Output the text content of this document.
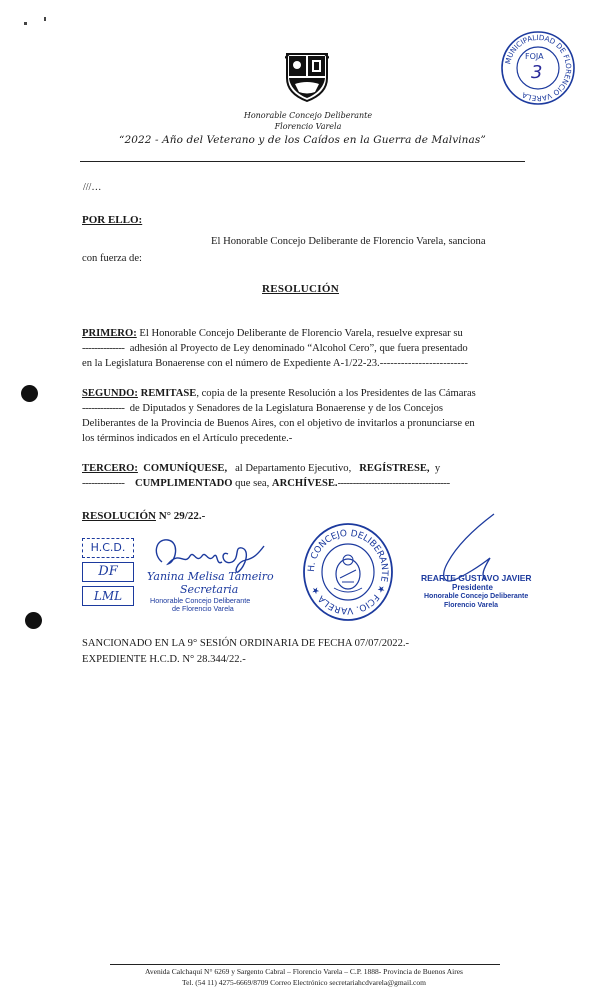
Honorable Concejo Deliberante
Florencio Varela
“2022 - Año del Veterano y de los Caídos en la Guerra de Malvinas”
MUNICIPALIDAD DE FLORENCIO VARELA
FOJA
3
///…
POR ELLO:
El Honorable Concejo Deliberante de Florencio Varela, sanciona
con fuerza de:
RESOLUCIÓN
PRIMERO: El Honorable Concejo Deliberante de Florencio Varela, resuelve expresar su
-------------- adhesión al Proyecto de Ley denominado “Alcohol Cero”, que fuera presentado
en la Legislatura Bonaerense con el número de Expediente A-1/22-23.-------------------------
SEGUNDO: REMITASE, copia de la presente Resolución a los Presidentes de las Cámaras
-------------- de Diputados y Senadores de la Legislatura Bonaerense y de los Concejos
Deliberantes de la Provincia de Buenos Aires, con el objetivo de invitarlos a pronunciarse en
los términos indicados en el Artículo precedente.-
TERCERO: COMUNÍQUESE, al Departamento Ejecutivo, REGÍSTRESE, y
-------------- CUMPLIMENTADO que sea, ARCHÍVESE.-------------------------------------
RESOLUCIÓN N° 29/22.-
H.C.D.
DF
LML
Yanina Melisa Tameiro
Secretaria
Honorable Concejo Deliberante
de Florencio Varela
H. CONCEJO DELIBERANTE ★ FCIO. VARELA ★
REARTE GUSTAVO JAVIER
Presidente
Honorable Concejo Deliberante
Florencio Varela
SANCIONADO EN LA 9° SESIÓN ORDINARIA DE FECHA 07/07/2022.-
EXPEDIENTE H.C.D. N° 28.344/22.-
Avenida Calchaquí N° 6269 y Sargento Cabral – Florencio Varela – C.P. 1888- Provincia de Buenos Aires
Tel. (54 11) 4275-6669/8709 Correo Electrónico secretariahcdvarela@gmail.com
